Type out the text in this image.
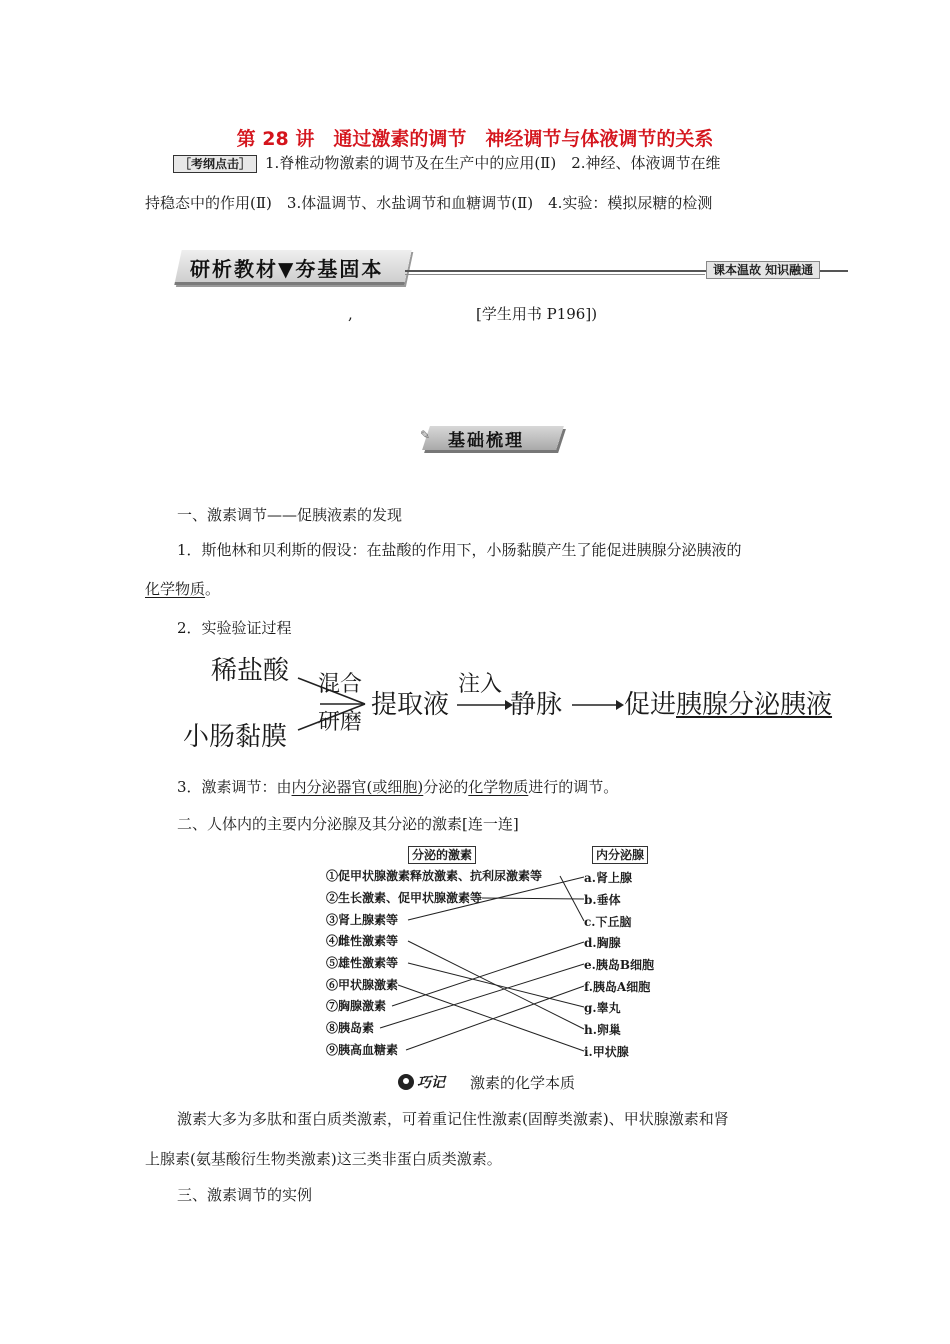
第 28 讲　通过激素的调节　神经调节与体液调节的关系
［考纲点击］ 1.脊椎动物激素的调节及在生产中的应用(Ⅱ)　2.神经、体液调节在维
持稳态中的作用(Ⅱ)　3.体温调节、水盐调节和血糖调节(Ⅱ)　4.实验：模拟尿糖的检测
研析教材▼夯基固本	课本温故 知识融通
,	[学生用书 P196])
✎ 基础梳理
一、激素调节——促胰液素的发现
1．斯他林和贝利斯的假设：在盐酸的作用下，小肠黏膜产生了能促进胰腺分泌胰液的
化学物质。
2．实验验证过程
稀盐酸
小肠黏膜
混合
研磨
提取液
注入
静脉 促进胰腺分泌胰液
3．激素调节：由内分泌器官(或细胞)分泌的化学物质进行的调节。
二、人体内的主要内分泌腺及其分泌的激素[连一连]
分泌的激素	内分泌腺
①促甲状腺激素释放激素、抗利尿激素等
②生长激素、促甲状腺激素等
③肾上腺素等
④雌性激素等
⑤雄性激素等
⑥甲状腺激素
⑦胸腺激素
⑧胰岛素
⑨胰高血糖素
a.肾上腺
b.垂体
c.下丘脑
d.胸腺
e.胰岛B细胞
f.胰岛A细胞
g.睾丸
h.卵巢
i.甲状腺
巧记 激素的化学本质
激素大多为多肽和蛋白质类激素，可着重记住性激素(固醇类激素)、甲状腺激素和肾
上腺素(氨基酸衍生物类激素)这三类非蛋白质类激素。
三、激素调节的实例
